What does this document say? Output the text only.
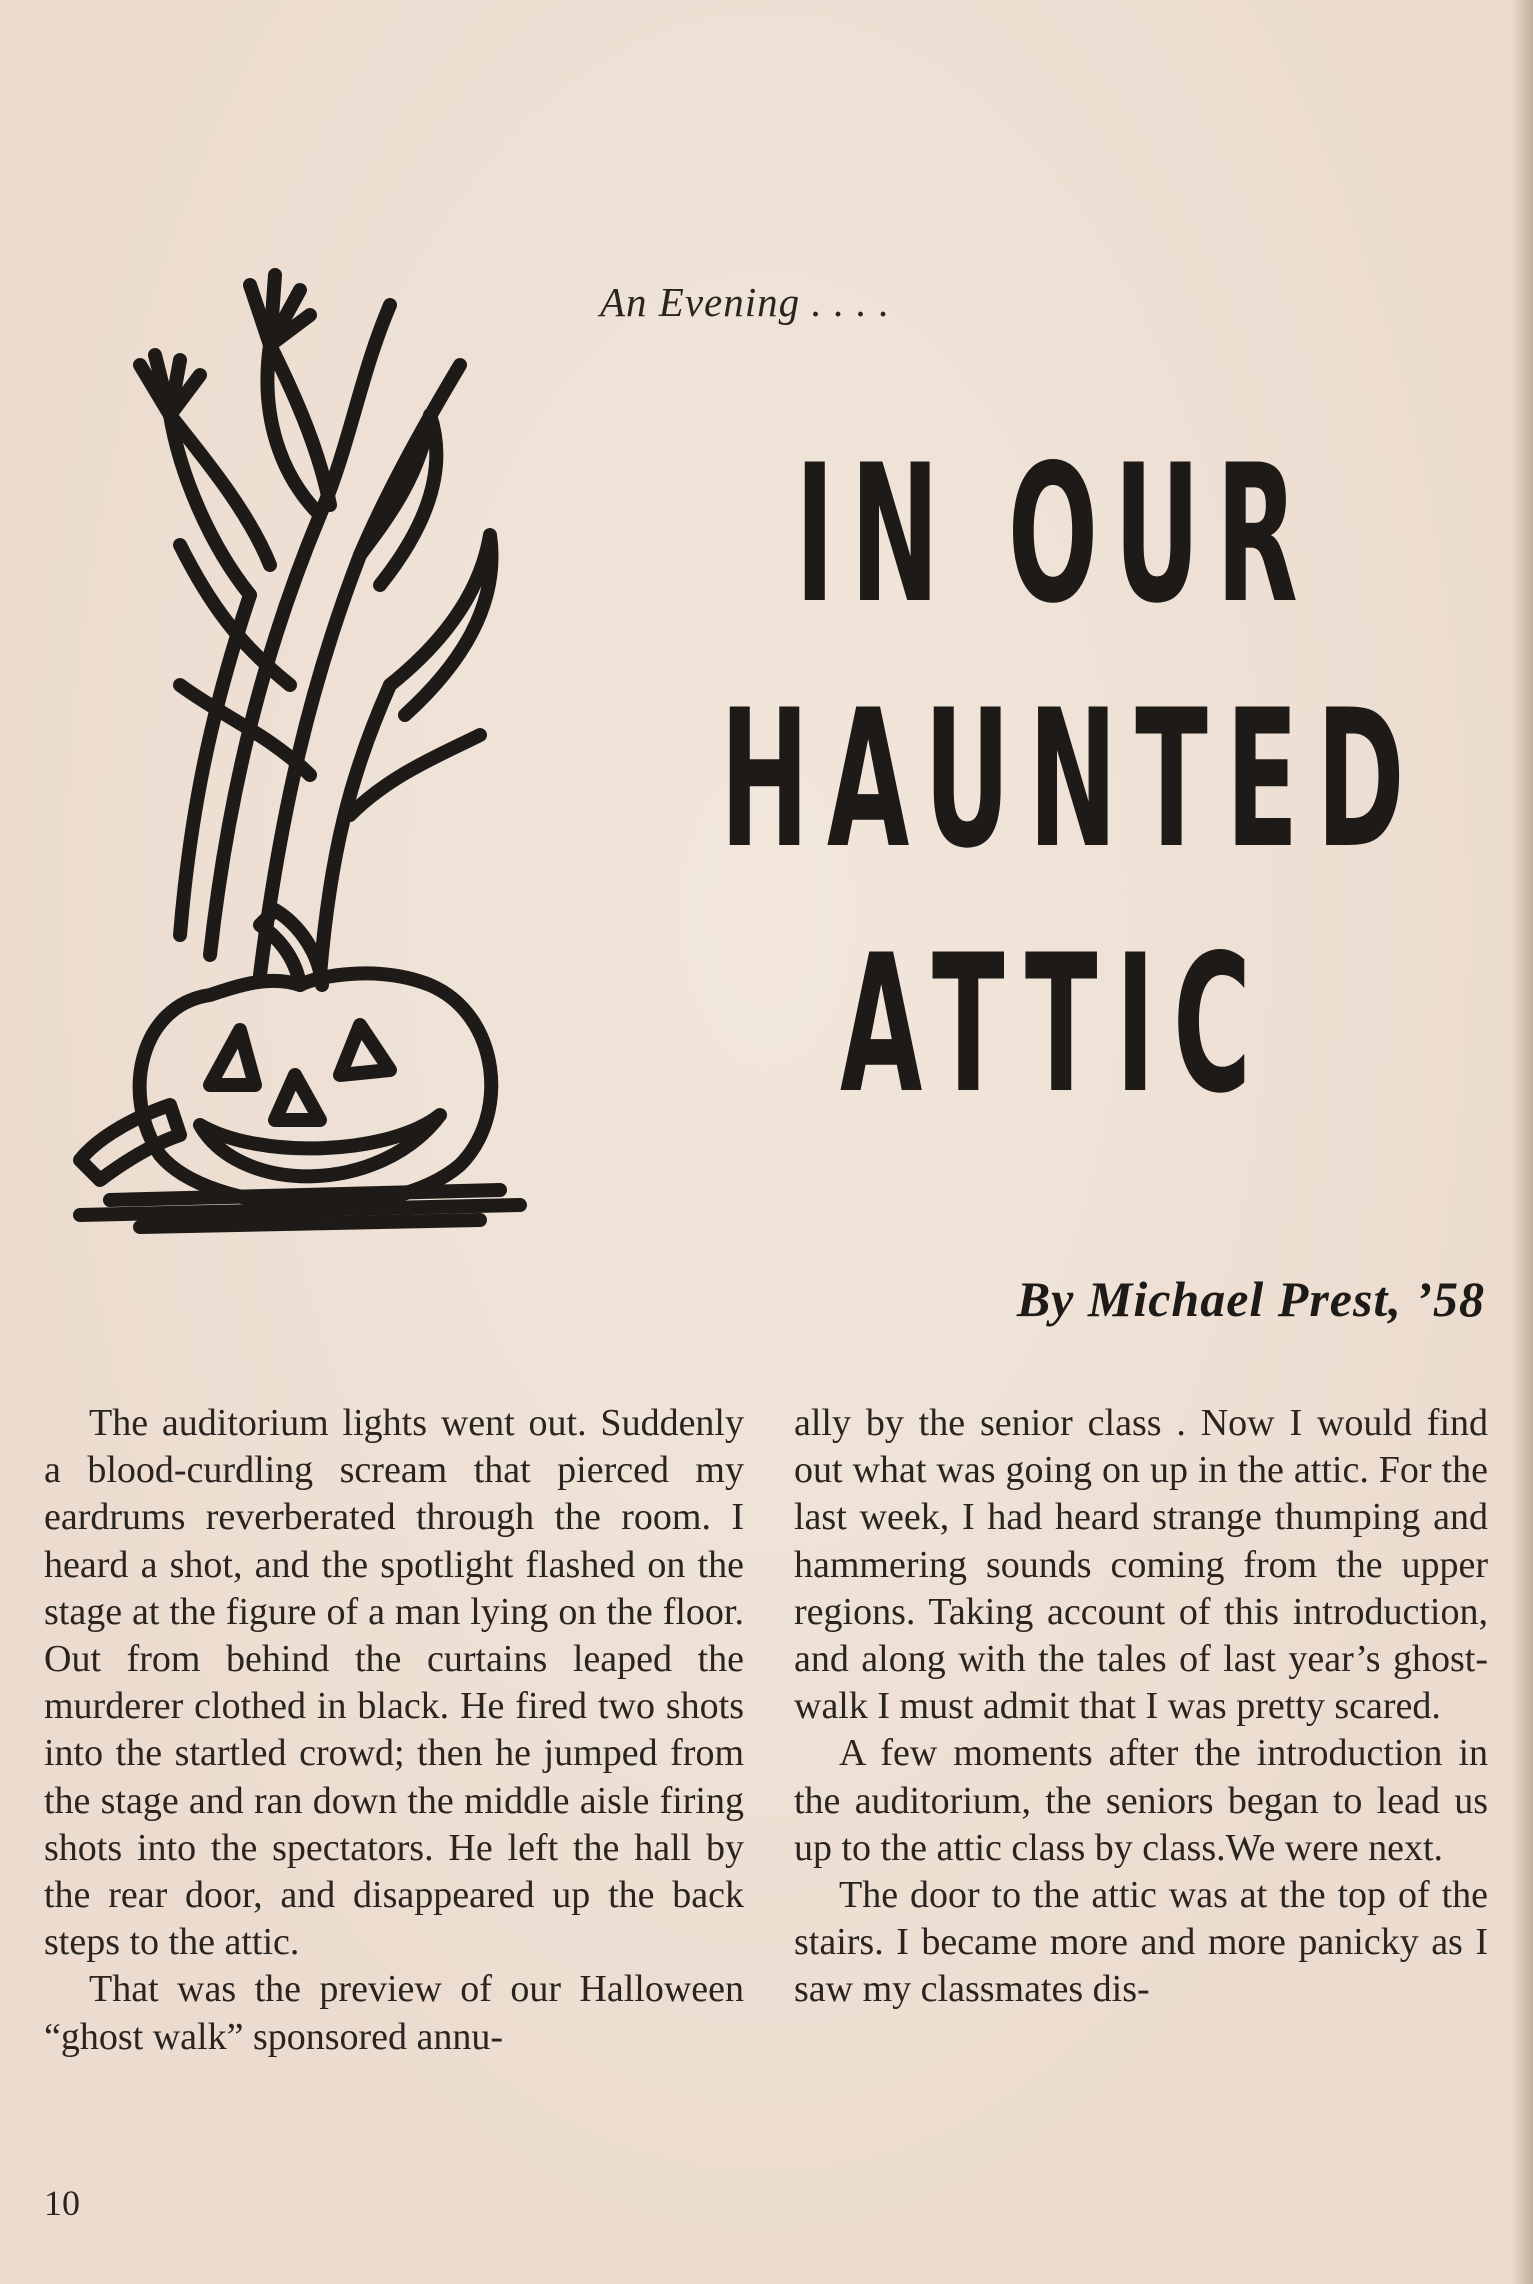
An Evening . . . .
IN OUR
HAUNTED
ATTIC
By Michael Prest, ’58

The auditorium lights went out. Suddenly a blood-curdling scream that pierced my eardrums reverberated through the room. I heard a shot, and the spotlight flashed on the stage at the figure of a man lying on the floor. Out from behind the curtains leaped the murderer clothed in black. He fired two shots into the startled crowd; then he jumped from the stage and ran down the middle aisle firing shots into the spectators. He left the hall by the rear door, and disappeared up the back steps to the attic.

That was the preview of our Halloween “ghost walk” sponsored annu-

ally by the senior class . Now I would find out what was going on up in the attic. For the last week, I had heard strange thumping and hammering sounds coming from the upper regions. Taking account of this introduction, and along with the tales of last year’s ghost-walk I must admit that I was pretty scared.

A few moments after the introduction in the auditorium, the seniors began to lead us up to the attic class by class.We were next.

The door to the attic was at the top of the stairs. I became more and more panicky as I saw my classmates dis-

10
